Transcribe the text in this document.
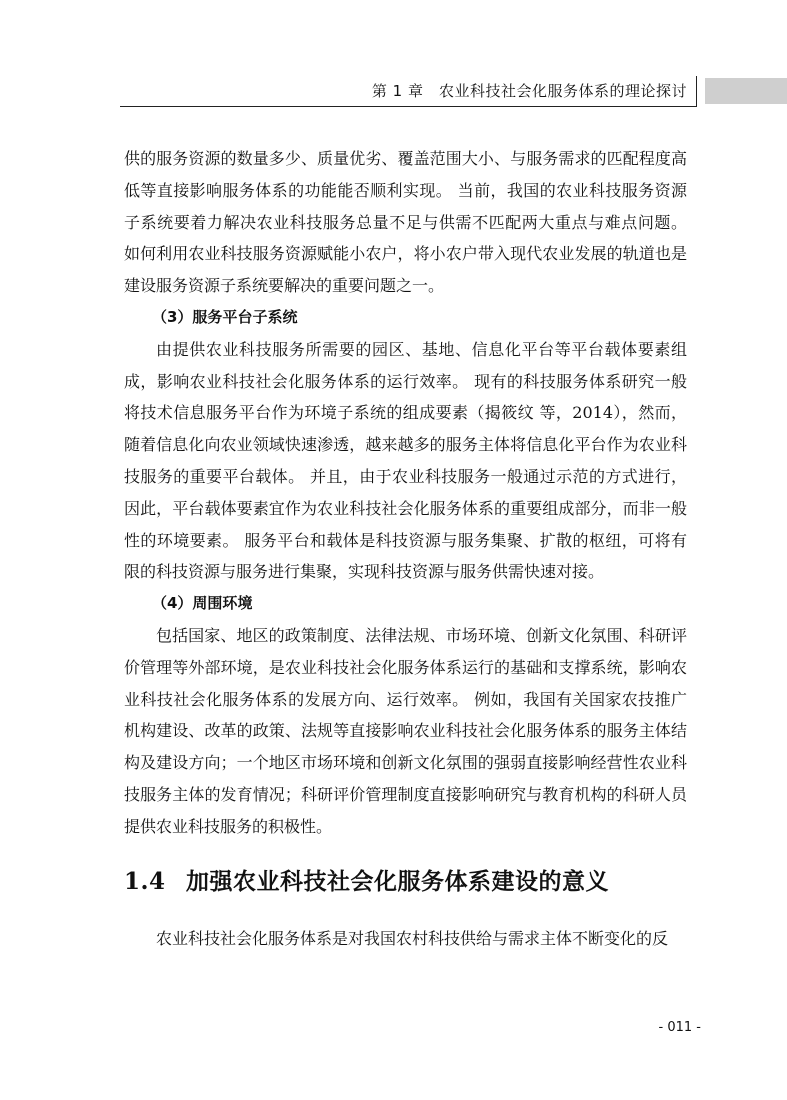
第 1 章　农业科技社会化服务体系的理论探讨

供的服务资源的数量多少、质量优劣、覆盖范围大小、与服务需求的匹配程度高低等直接影响服务体系的功能能否顺利实现。 当前，我国的农业科技服务资源子系统要着力解决农业科技服务总量不足与供需不匹配两大重点与难点问题。 如何利用农业科技服务资源赋能小农户，将小农户带入现代农业发展的轨道也是建设服务资源子系统要解决的重要问题之一。

（3）服务平台子系统

由提供农业科技服务所需要的园区、基地、信息化平台等平台载体要素组成，影响农业科技社会化服务体系的运行效率。 现有的科技服务体系研究一般将技术信息服务平台作为环境子系统的组成要素（揭筱纹 等，2014），然而，随着信息化向农业领域快速渗透，越来越多的服务主体将信息化平台作为农业科技服务的重要平台载体。 并且，由于农业科技服务一般通过示范的方式进行，因此，平台载体要素宜作为农业科技社会化服务体系的重要组成部分，而非一般性的环境要素。 服务平台和载体是科技资源与服务集聚、扩散的枢纽，可将有限的科技资源与服务进行集聚，实现科技资源与服务供需快速对接。

（4）周围环境

包括国家、地区的政策制度、法律法规、市场环境、创新文化氛围、科研评价管理等外部环境，是农业科技社会化服务体系运行的基础和支撑系统，影响农业科技社会化服务体系的发展方向、运行效率。 例如，我国有关国家农技推广机构建设、改革的政策、法规等直接影响农业科技社会化服务体系的服务主体结构及建设方向；一个地区市场环境和创新文化氛围的强弱直接影响经营性农业科技服务主体的发育情况；科研评价管理制度直接影响研究与教育机构的科研人员提供农业科技服务的积极性。

1.4 加强农业科技社会化服务体系建设的意义

农业科技社会化服务体系是对我国农村科技供给与需求主体不断变化的反

- 011 -
